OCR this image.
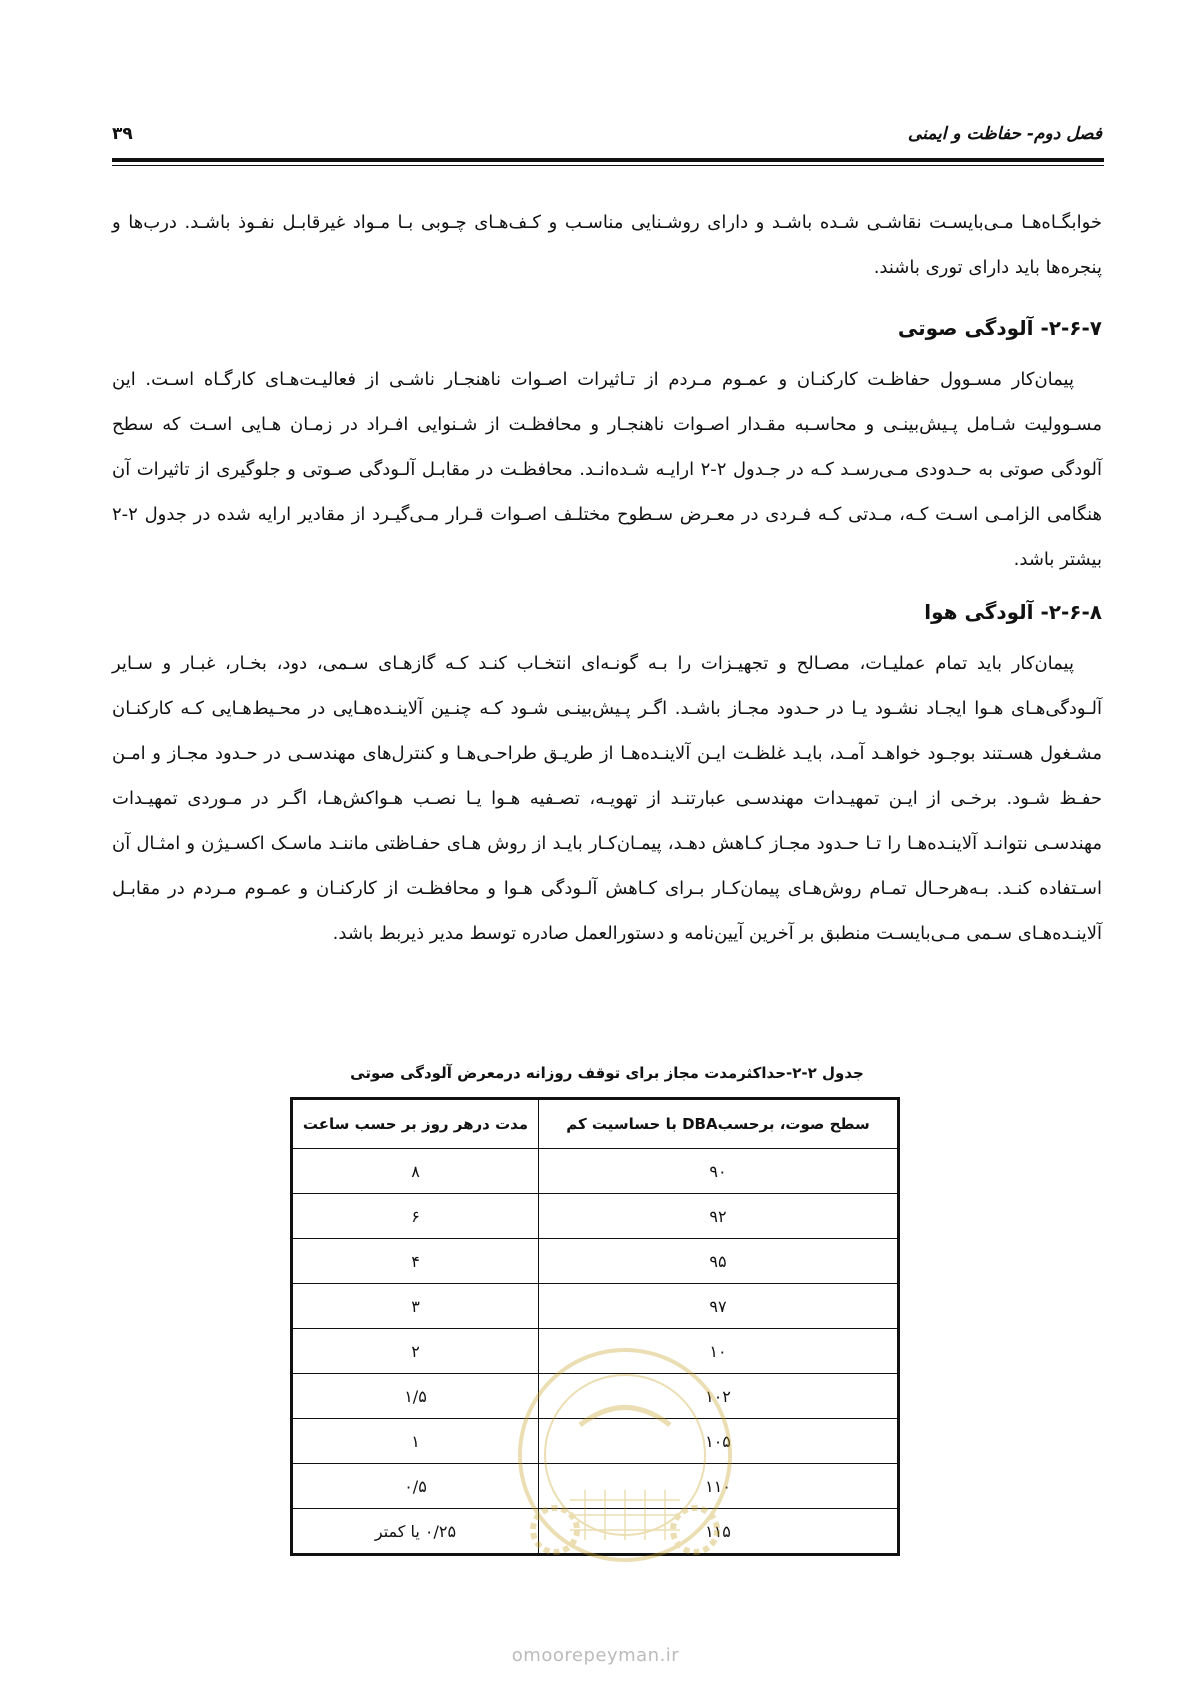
فصل دوم- حفاظت و ایمنی
۳۹

خوابگـاه‌هـا مـی‌بایسـت نقاشـی شـده باشـد و دارای روشـنایی مناسـب و کـف‌هـای چـوبی بـا مـواد غیرقابـل نفـوذ باشـد. درب‌ها و پنجره‌ها باید دارای توری باشند.

۲-۶-۷- آلودگی صوتی

پیمان‌کار مسـوول حفاظـت کارکنـان و عمـوم مـردم از تـاثیرات اصـوات ناهنجـار ناشـی از فعالیـت‌هـای کارگـاه اسـت. این مسـوولیت شـامل پـیش‌بینـی و محاسـبه مقـدار اصـوات ناهنجـار و محافظـت از شـنوایی افـراد در زمـان هـایی اسـت که سطح آلودگی صوتی به حـدودی مـی‌رسـد کـه در جـدول ۲-۲ ارایـه شـده‌انـد. محافظـت در مقابـل آلـودگی صـوتی و جلوگیری از تاثیرات آن هنگامی الزامـی اسـت کـه، مـدتی کـه فـردی در معـرض سـطوح مختلـف اصـوات قـرار مـی‌گیـرد از مقادیر ارایه شده در جدول ۲-۲ بیشتر باشد.

۲-۶-۸- آلودگی هوا

پیمان‌کار باید تمام عملیـات، مصـالح و تجهیـزات را بـه گونـه‌ای انتخـاب کنـد کـه گازهـای سـمی، دود، بخـار، غبـار و سـایر آلـودگی‌هـای هـوا ایجـاد نشـود یـا در حـدود مجـاز باشـد. اگـر پـیش‌بینـی شـود کـه چنـین آلاینـده‌هـایی در محـیط‌هـایی کـه کارکنـان مشـغول هسـتند بوجـود خواهـد آمـد، بایـد غلظـت ایـن آلاینـده‌هـا از طریـق طراحـی‌هـا و کنترل‌های مهندسـی در حـدود مجـاز و امـن حفـظ شـود. برخـی از ایـن تمهیـدات مهندسـی عبارتنـد از تهویـه، تصـفیه هـوا یـا نصـب هـواکش‌هـا، اگـر در مـوردی تمهیـدات مهندسـی نتوانـد آلاینـده‌هـا را تـا حـدود مجـاز کـاهش دهـد، پیمـان‌کـار بایـد از روش هـای حفـاظتی ماننـد ماسـک اکسـیژن و امثـال آن اسـتفاده کنـد. بـه‌هرحـال تمـام روش‌هـای پیمان‌کـار بـرای کـاهش آلـودگی هـوا و محافظـت از کارکنـان و عمـوم مـردم در مقابـل آلاینـده‌هـای سـمی مـی‌بایسـت منطبق بر آخرین آیین‌نامه و دستورالعمل صادره توسط مدیر ذیربط باشد.

جدول ۲-۲-حداکثرمدت مجاز برای توقف روزانه درمعرض آلودگی صوتی
سطح صوت، برحسبDBA با حساسیت کم	مدت درهر روز بر حسب ساعت
۹۰	۸
۹۲	۶
۹۵	۴
۹۷	۳
۱۰	۲
۱۰۲	۱/۵
۱۰۵	۱
۱۱۰	۰/۵
۱۱۵	۰/۲۵ یا کمتر
omoorepeyman.ir
